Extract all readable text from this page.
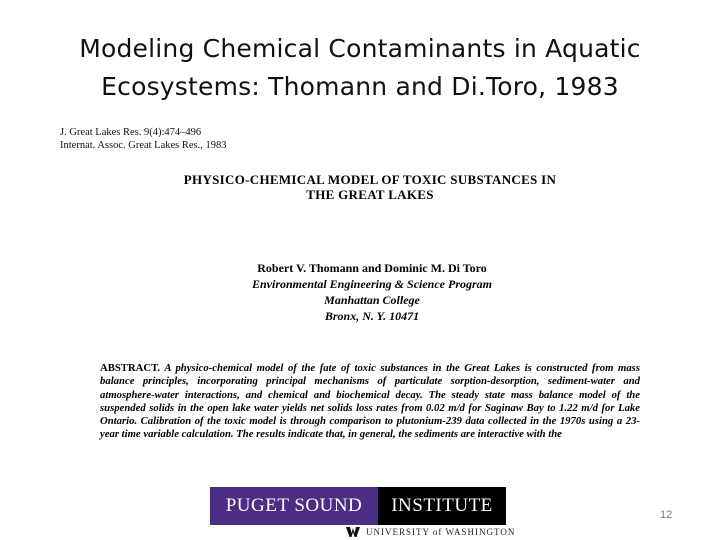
Modeling Chemical Contaminants in Aquatic
Ecosystems: Thomann and Di.Toro, 1983
J. Great Lakes Res. 9(4):474–496
Internat. Assoc. Great Lakes Res., 1983
PHYSICO-CHEMICAL MODEL OF TOXIC SUBSTANCES IN
THE GREAT LAKES
Robert V. Thomann and Dominic M. Di Toro
Environmental Engineering & Science Program
Manhattan College
Bronx, N. Y. 10471
ABSTRACT. A physico-chemical model of the fate of toxic substances in the Great Lakes is constructed from mass balance principles, incorporating principal mechanisms of particulate sorption-desorption, sediment-water and atmosphere-water interactions, and chemical and biochemical decay. The steady state mass balance model of the suspended solids in the open lake water yields net solids loss rates from 0.02 m/d for Saginaw Bay to 1.22 m/d for Lake Ontario. Calibration of the toxic model is through comparison to plutonium-239 data collected in the 1970s using a 23-year time variable calculation. The results indicate that, in general, the sediments are interactive with the
PUGET SOUND	INSTITUTE
UNIVERSITY of WASHINGTON
12
